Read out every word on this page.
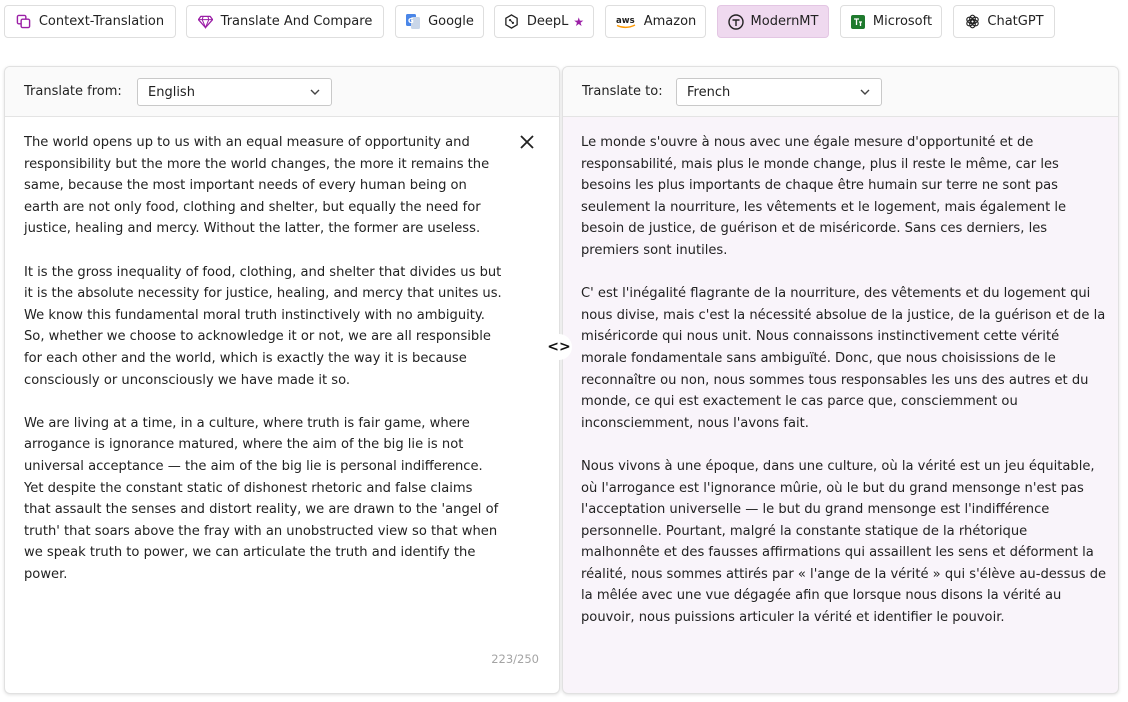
Context-Translation	Translate And Compare	G Google	DeepL ★	aws Amazon	ModernMT	Microsoft	ChatGPT
Translate from: English

The world opens up to us with an equal measure of opportunity and responsibility but the more the world changes, the more it remains the same, because the most important needs of every human being on earth are not only food, clothing and shelter, but equally the need for justice, healing and mercy. Without the latter, the former are useless.

It is the gross inequality of food, clothing, and shelter that divides us but it is the absolute necessity for justice, healing, and mercy that unites us. We know this fundamental moral truth instinctively with no ambiguity. So, whether we choose to acknowledge it or not, we are all responsible for each other and the world, which is exactly the way it is because consciously or unconsciously we have made it so.

We are living at a time, in a culture, where truth is fair game, where arrogance is ignorance matured, where the aim of the big lie is not universal acceptance — the aim of the big lie is personal indifference. Yet despite the constant static of dishonest rhetoric and false claims that assault the senses and distort reality, we are drawn to the 'angel of truth' that soars above the fray with an unobstructed view so that when we speak truth to power, we can articulate the truth and identify the power.

223/250
Translate to: French

Le monde s'ouvre à nous avec une égale mesure d'opportunité et de responsabilité, mais plus le monde change, plus il reste le même, car les besoins les plus importants de chaque être humain sur terre ne sont pas seulement la nourriture, les vêtements et le logement, mais également le besoin de justice, de guérison et de miséricorde. Sans ces derniers, les premiers sont inutiles.

C' est l'inégalité flagrante de la nourriture, des vêtements et du logement qui nous divise, mais c'est la nécessité absolue de la justice, de la guérison et de la miséricorde qui nous unit. Nous connaissons instinctivement cette vérité morale fondamentale sans ambiguïté. Donc, que nous choisissions de le reconnaître ou non, nous sommes tous responsables les uns des autres et du monde, ce qui est exactement le cas parce que, consciemment ou inconsciemment, nous l'avons fait.

Nous vivons à une époque, dans une culture, où la vérité est un jeu équitable, où l'arrogance est l'ignorance mûrie, où le but du grand mensonge n'est pas l'acceptation universelle — le but du grand mensonge est l'indifférence personnelle. Pourtant, malgré la constante statique de la rhétorique malhonnête et des fausses affirmations qui assaillent les sens et déforment la réalité, nous sommes attirés par « l'ange de la vérité » qui s'élève au-dessus de la mêlée avec une vue dégagée afin que lorsque nous disons la vérité au pouvoir, nous puissions articuler la vérité et identifier le pouvoir.

<>
